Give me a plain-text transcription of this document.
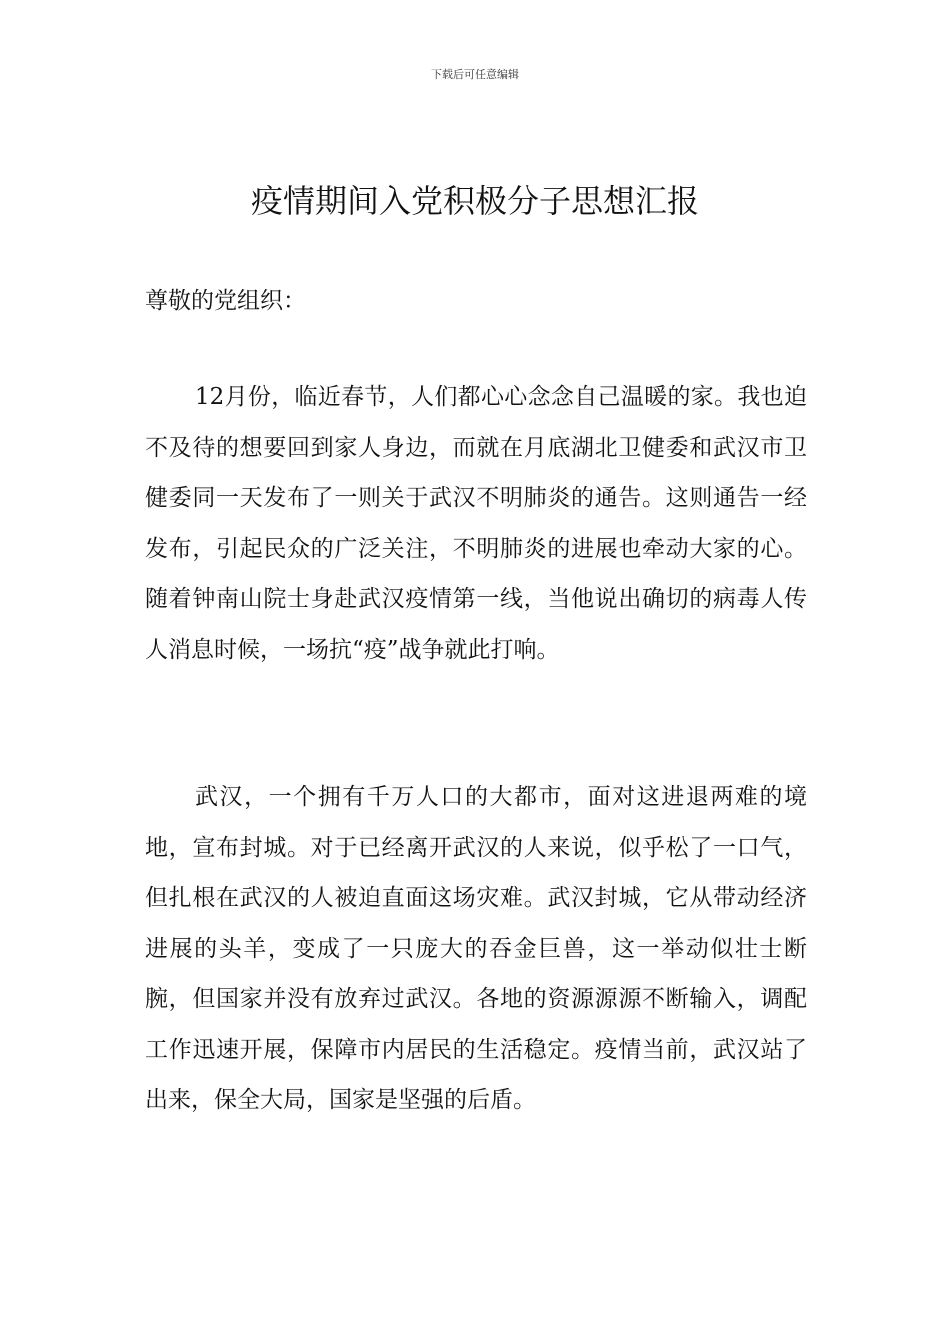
下载后可任意编辑
疫情期间入党积极分子思想汇报
尊敬的党组织：

12月份，临近春节，人们都心心念念自己温暖的家。我也迫不及待的想要回到家人身边，而就在月底湖北卫健委和武汉市卫健委同一天发布了一则关于武汉不明肺炎的通告。这则通告一经发布，引起民众的广泛关注，不明肺炎的进展也牵动大家的心。随着钟南山院士身赴武汉疫情第一线，当他说出确切的病毒人传人消息时候，一场抗“疫”战争就此打响。

武汉，一个拥有千万人口的大都市，面对这进退两难的境地，宣布封城。对于已经离开武汉的人来说，似乎松了一口气，但扎根在武汉的人被迫直面这场灾难。武汉封城，它从带动经济进展的头羊，变成了一只庞大的吞金巨兽，这一举动似壮士断腕，但国家并没有放弃过武汉。各地的资源源源不断输入，调配工作迅速开展，保障市内居民的生活稳定。疫情当前，武汉站了出来，保全大局，国家是坚强的后盾。
